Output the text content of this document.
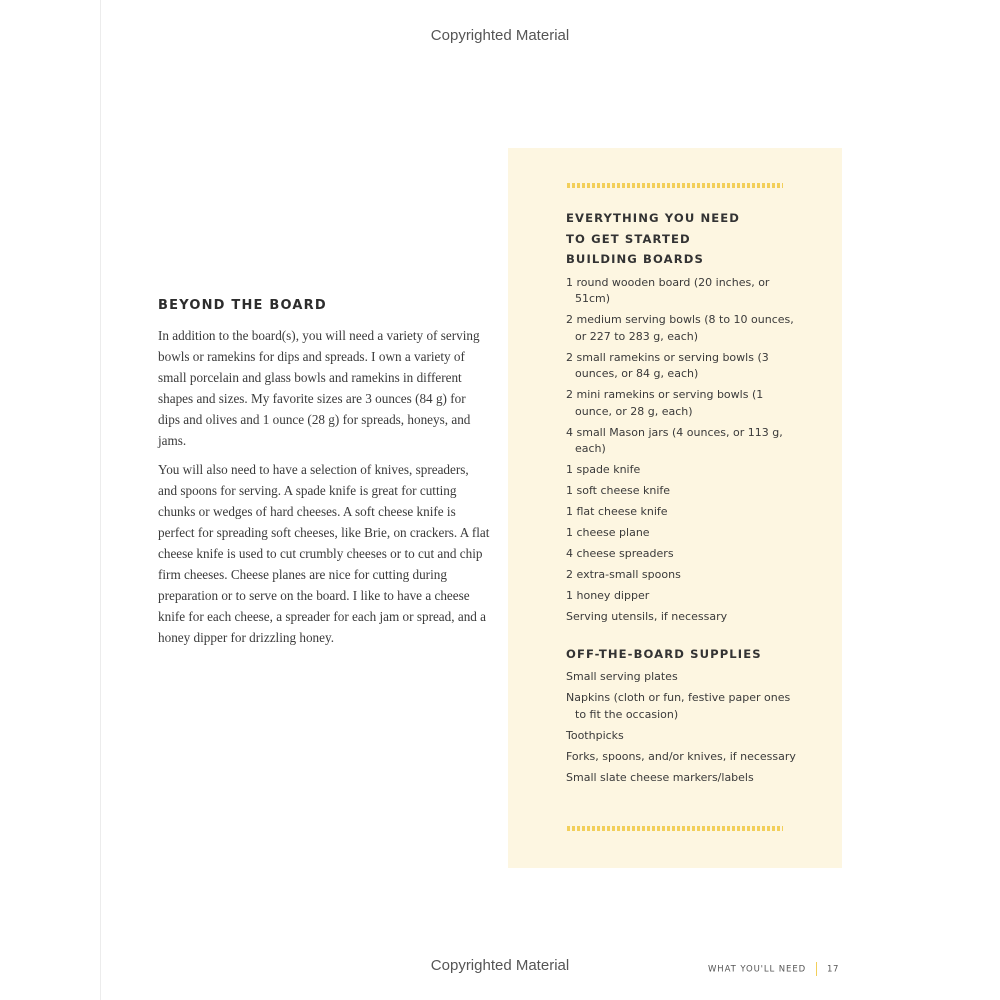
Copyrighted Material
BEYOND THE BOARD

In addition to the board(s), you will need a variety of serving bowls or ramekins for dips and spreads. I own a variety of small porcelain and glass bowls and ramekins in different shapes and sizes. My favorite sizes are 3 ounces (84 g) for dips and olives and 1 ounce (28 g) for spreads, honeys, and jams.

You will also need to have a selection of knives, spreaders, and spoons for serving. A spade knife is great for cutting chunks or wedges of hard cheeses. A soft cheese knife is perfect for spreading soft cheeses, like Brie, on crackers. A flat cheese knife is used to cut crumbly cheeses or to cut and chip firm cheeses. Cheese planes are nice for cutting during preparation or to serve on the board. I like to have a cheese knife for each cheese, a spreader for each jam or spread, and a honey dipper for drizzling honey.

EVERYTHING YOU NEED
TO GET STARTED
BUILDING BOARDS
1 round wooden board (20 inches, or 51cm)
2 medium serving bowls (8 to 10 ounces, or 227 to 283 g, each)
2 small ramekins or serving bowls (3 ounces, or 84 g, each)
2 mini ramekins or serving bowls (1 ounce, or 28 g, each)
4 small Mason jars (4 ounces, or 113 g, each)
1 spade knife
1 soft cheese knife
1 flat cheese knife
1 cheese plane
4 cheese spreaders
2 extra-small spoons
1 honey dipper
Serving utensils, if necessary
OFF-THE-BOARD SUPPLIES
Small serving plates
Napkins (cloth or fun, festive paper ones to fit the occasion)
Toothpicks
Forks, spoons, and/or knives, if necessary
Small slate cheese markers/labels
Copyrighted Material	WHAT YOU'LL NEED 17
